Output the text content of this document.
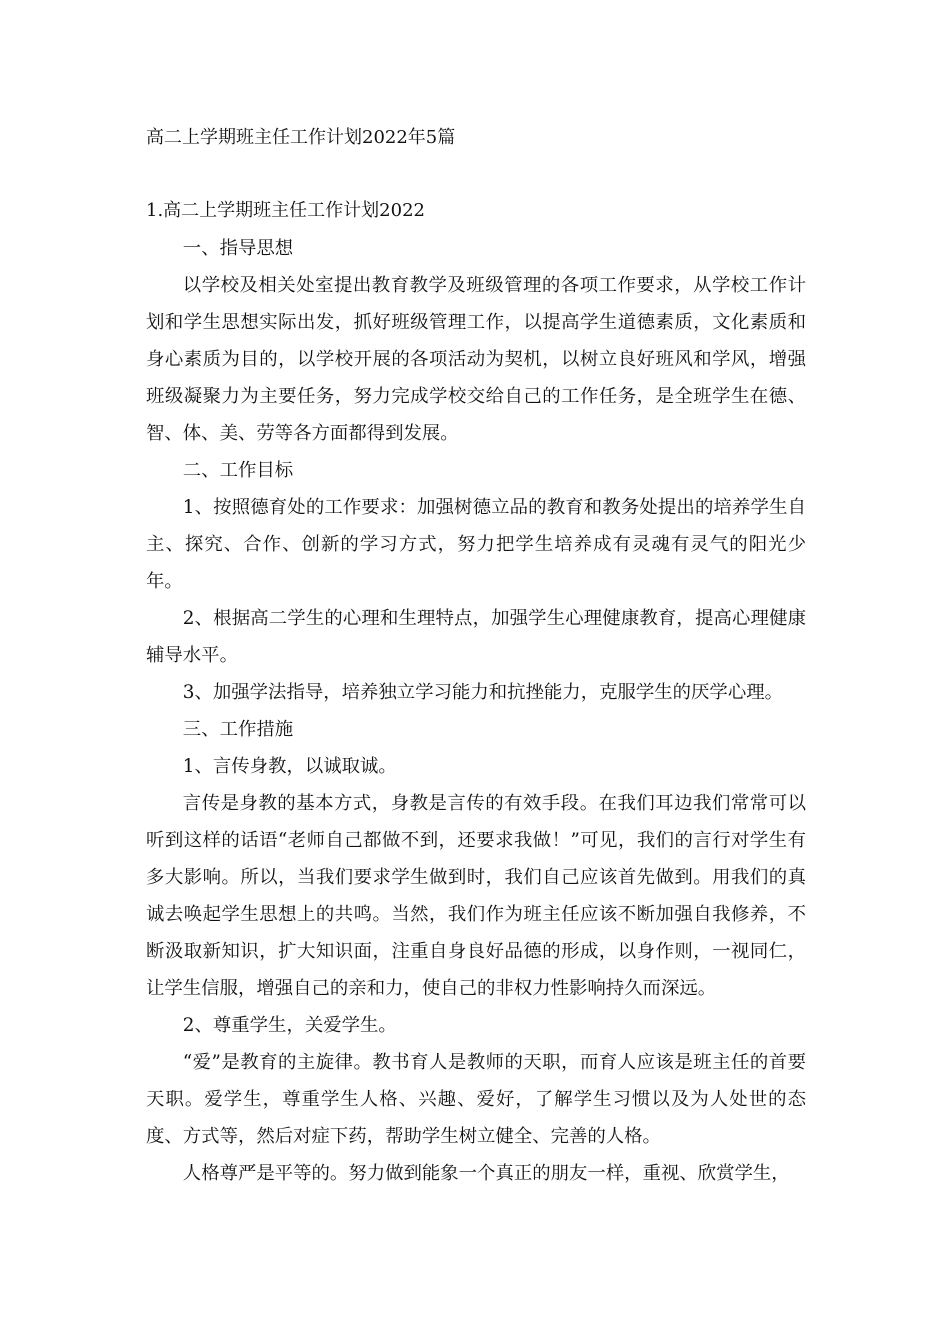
高二上学期班主任工作计划2022年5篇
1.高二上学期班主任工作计划2022

一、指导思想

以学校及相关处室提出教育教学及班级管理的各项工作要求，从学校工作计划和学生思想实际出发，抓好班级管理工作，以提高学生道德素质，文化素质和身心素质为目的，以学校开展的各项活动为契机，以树立良好班风和学风，增强班级凝聚力为主要任务，努力完成学校交给自己的工作任务，是全班学生在德、智、体、美、劳等各方面都得到发展。

二、工作目标

1、按照德育处的工作要求：加强树德立品的教育和教务处提出的培养学生自主、探究、合作、创新的学习方式，努力把学生培养成有灵魂有灵气的阳光少年。

2、根据高二学生的心理和生理特点，加强学生心理健康教育，提高心理健康辅导水平。

3、加强学法指导，培养独立学习能力和抗挫能力，克服学生的厌学心理。

三、工作措施

1、言传身教，以诚取诚。

言传是身教的基本方式，身教是言传的有效手段。在我们耳边我们常常可以听到这样的话语“老师自己都做不到，还要求我做！”可见，我们的言行对学生有多大影响。所以，当我们要求学生做到时，我们自己应该首先做到。用我们的真诚去唤起学生思想上的共鸣。当然，我们作为班主任应该不断加强自我修养，不断汲取新知识，扩大知识面，注重自身良好品德的形成，以身作则，一视同仁，让学生信服，增强自己的亲和力，使自己的非权力性影响持久而深远。

2、尊重学生，关爱学生。

“爱”是教育的主旋律。教书育人是教师的天职，而育人应该是班主任的首要天职。爱学生，尊重学生人格、兴趣、爱好，了解学生习惯以及为人处世的态度、方式等，然后对症下药，帮助学生树立健全、完善的人格。

人格尊严是平等的。努力做到能象一个真正的朋友一样，重视、欣赏学生，
